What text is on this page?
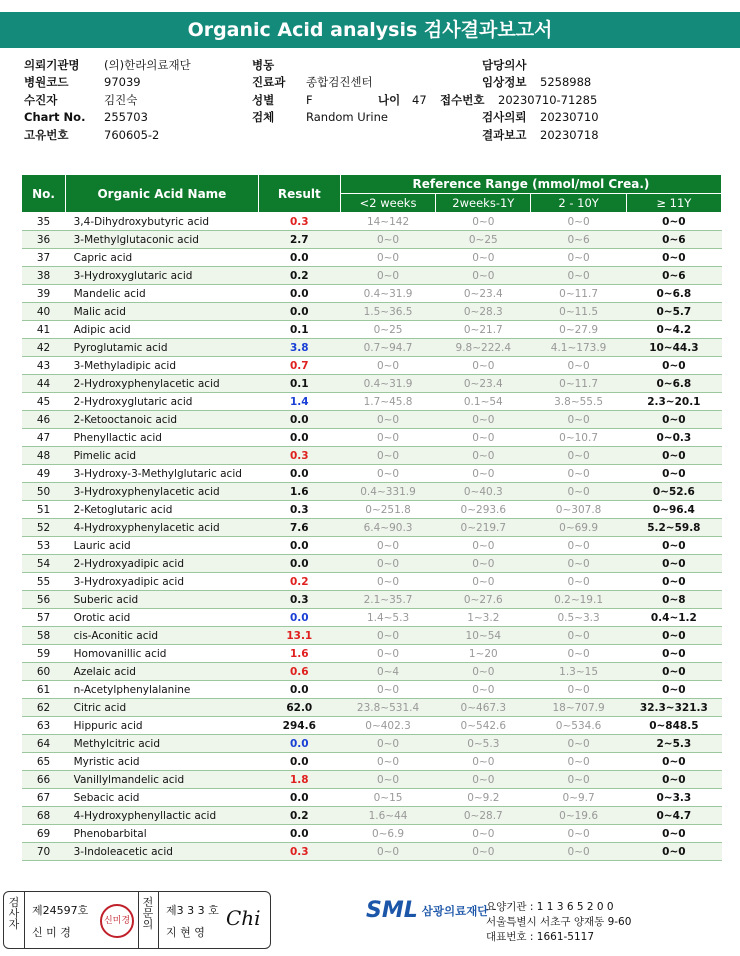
Organic Acid analysis 검사결과보고서
의뢰기관명	(의)한라의료재단	병동	담당의사
병원코드	97039	진료과	종합검진센터	임상정보	5258988
수진자	김진숙	성별	F	나이	47	접수번호	20230710-71285
Chart No.	255703	검체	Random Urine	검사의뢰	20230710
고유번호	760605-2	결과보고	20230718
No.	Organic Acid Name	Result	Reference Range (mmol/mol Crea.)			
			<2 weeks	2weeks-1Y	2 - 10Y	≥ 11Y
35	3,4-Dihydroxybutyric acid	0.3	14~142	0~0	0~0	0~0
36	3-Methylglutaconic acid	2.7	0~0	0~25	0~6	0~6
37	Capric acid	0.0	0~0	0~0	0~0	0~0
38	3-Hydroxyglutaric acid	0.2	0~0	0~0	0~0	0~6
39	Mandelic acid	0.0	0.4~31.9	0~23.4	0~11.7	0~6.8
40	Malic acid	0.0	1.5~36.5	0~28.3	0~11.5	0~5.7
41	Adipic acid	0.1	0~25	0~21.7	0~27.9	0~4.2
42	Pyroglutamic acid	3.8	0.7~94.7	9.8~222.4	4.1~173.9	10~44.3
43	3-Methyladipic acid	0.7	0~0	0~0	0~0	0~0
44	2-Hydroxyphenylacetic acid	0.1	0.4~31.9	0~23.4	0~11.7	0~6.8
45	2-Hydroxyglutaric acid	1.4	1.7~45.8	0.1~54	3.8~55.5	2.3~20.1
46	2-Ketooctanoic acid	0.0	0~0	0~0	0~0	0~0
47	Phenyllactic acid	0.0	0~0	0~0	0~10.7	0~0.3
48	Pimelic acid	0.3	0~0	0~0	0~0	0~0
49	3-Hydroxy-3-Methylglutaric acid	0.0	0~0	0~0	0~0	0~0
50	3-Hydroxyphenylacetic acid	1.6	0.4~331.9	0~40.3	0~0	0~52.6
51	2-Ketoglutaric acid	0.3	0~251.8	0~293.6	0~307.8	0~96.4
52	4-Hydroxyphenylacetic acid	7.6	6.4~90.3	0~219.7	0~69.9	5.2~59.8
53	Lauric acid	0.0	0~0	0~0	0~0	0~0
54	2-Hydroxyadipic acid	0.0	0~0	0~0	0~0	0~0
55	3-Hydroxyadipic acid	0.2	0~0	0~0	0~0	0~0
56	Suberic acid	0.3	2.1~35.7	0~27.6	0.2~19.1	0~8
57	Orotic acid	0.0	1.4~5.3	1~3.2	0.5~3.3	0.4~1.2
58	cis-Aconitic acid	13.1	0~0	10~54	0~0	0~0
59	Homovanillic acid	1.6	0~0	1~20	0~0	0~0
60	Azelaic acid	0.6	0~4	0~0	1.3~15	0~0
61	n-Acetylphenylalanine	0.0	0~0	0~0	0~0	0~0
62	Citric acid	62.0	23.8~531.4	0~467.3	18~707.9	32.3~321.3
63	Hippuric acid	294.6	0~402.3	0~542.6	0~534.6	0~848.5
64	Methylcitric acid	0.0	0~0	0~5.3	0~0	2~5.3
65	Myristic acid	0.0	0~0	0~0	0~0	0~0
66	Vanillylmandelic acid	1.8	0~0	0~0	0~0	0~0
67	Sebacic acid	0.0	0~15	0~9.2	0~9.7	0~3.3
68	4-Hydroxyphenyllactic acid	0.2	1.6~44	0~28.7	0~19.6	0~4.7
69	Phenobarbital	0.0	0~6.9	0~0	0~0	0~0
70	3-Indoleacetic acid	0.3	0~0	0~0	0~0	0~0
검사자
제24597호
신 미 경
신미경
전문의
제3 3 3 호
지 현 영
Chi	SML 삼광의료재단
요양기관 : 1 1 3 6 5 2 0 0
서울특별시 서초구 양재동 9-60
대표번호 : 1661-5117
